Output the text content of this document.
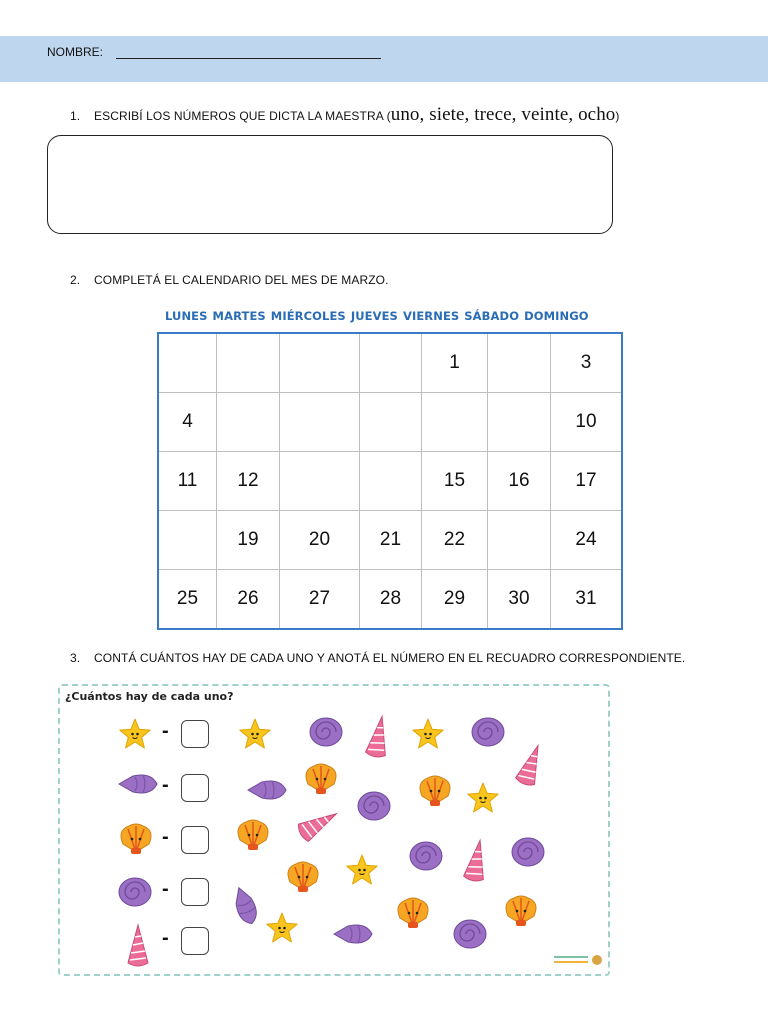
NOMBRE:
1. ESCRIBÍ LOS NÚMEROS QUE DICTA LA MAESTRA (uno, siete, trece, veinte, ocho)
2. COMPLETÁ EL CALENDARIO DEL MES DE MARZO.
LUNES MARTES MIÉRCOLES JUEVES VIERNES SÁBADO DOMINGO
				1		3
4						10
11	12			15	16	17
	19	20	21	22		24
25	26	27	28	29	30	31
3. CONTÁ CUÁNTOS HAY DE CADA UNO Y ANOTÁ EL NÚMERO EN EL RECUADRO CORRESPONDIENTE.
¿Cuántos hay de cada uno?
-
-
-
-
-
